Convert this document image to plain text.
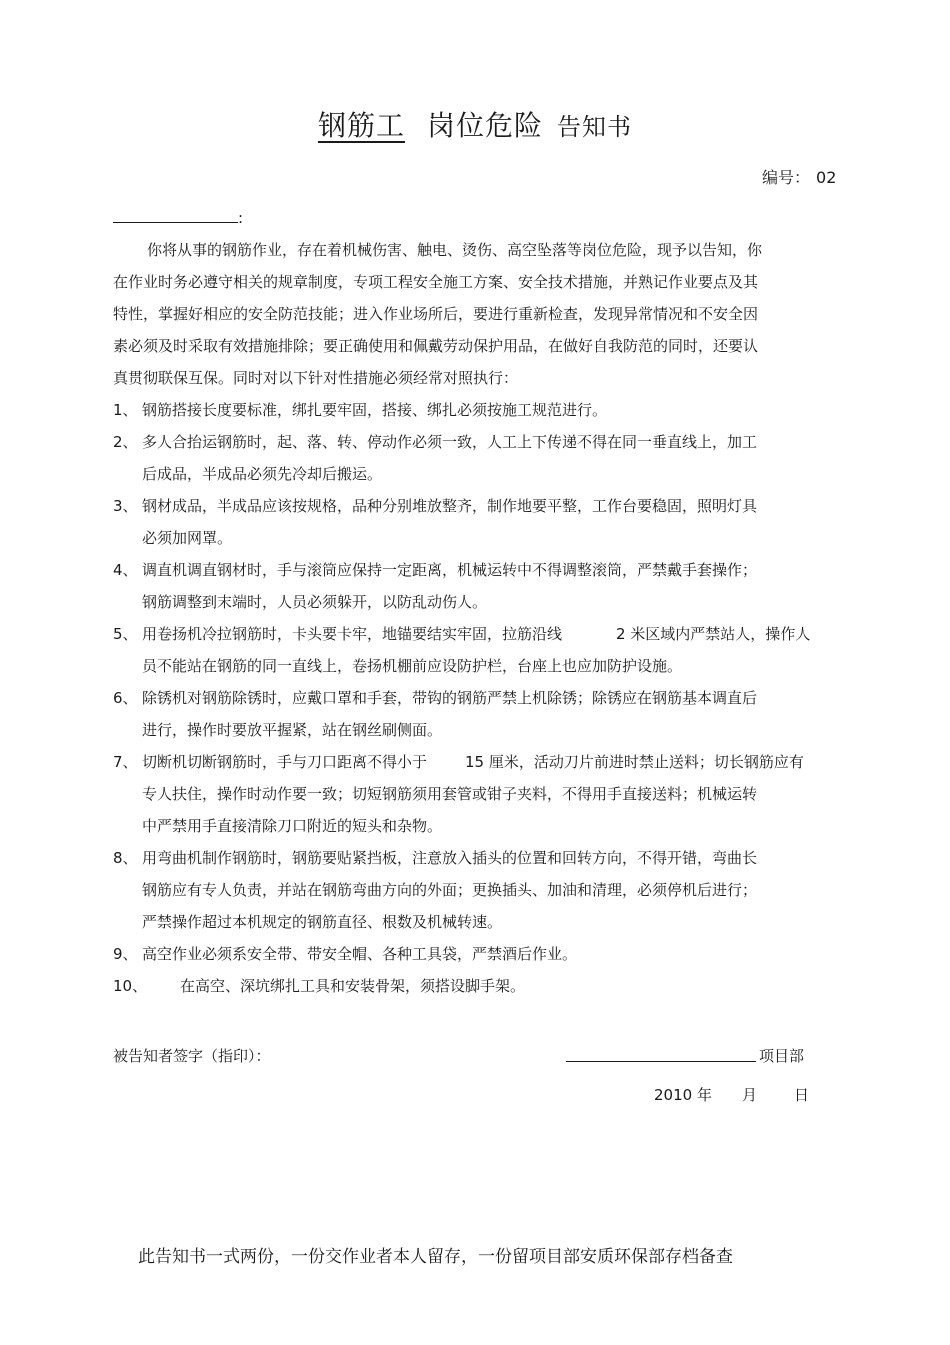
钢筋工 岗位危险 告知书
编号： 02
:
你将从事的钢筋作业，存在着机械伤害、触电、烫伤、高空坠落等岗位危险，现予以告知，你
在作业时务必遵守相关的规章制度，专项工程安全施工方案、安全技术措施，并熟记作业要点及其
特性，掌握好相应的安全防范技能；进入作业场所后，要进行重新检查，发现异常情况和不安全因
素必须及时采取有效措施排除；要正确使用和佩戴劳动保护用品，在做好自我防范的同时，还要认
真贯彻联保互保。同时对以下针对性措施必须经常对照执行：
1、 钢筋搭接长度要标准，绑扎要牢固，搭接、绑扎必须按施工规范进行。
2、 多人合抬运钢筋时，起、落、转、停动作必须一致，人工上下传递不得在同一垂直线上，加工
后成品，半成品必须先冷却后搬运。
3、 钢材成品，半成品应该按规格，品种分别堆放整齐，制作地要平整，工作台要稳固，照明灯具
必须加网罩。
4、 调直机调直钢材时，手与滚筒应保持一定距离，机械运转中不得调整滚筒，严禁戴手套操作；
钢筋调整到末端时，人员必须躲开，以防乱动伤人。
5、 用卷扬机冷拉钢筋时，卡头要卡牢，地锚要结实牢固，拉筋沿线	2 米区域内严禁站人，操作人
员不能站在钢筋的同一直线上，卷扬机棚前应设防护栏，台座上也应加防护设施。
6、 除锈机对钢筋除锈时，应戴口罩和手套，带钩的钢筋严禁上机除锈；除锈应在钢筋基本调直后
进行，操作时要放平握紧，站在钢丝刷侧面。
7、 切断机切断钢筋时，手与刀口距离不得小于	15 厘米，活动刀片前进时禁止送料；切长钢筋应有
专人扶住，操作时动作要一致；切短钢筋须用套管或钳子夹料，不得用手直接送料；机械运转
中严禁用手直接清除刀口附近的短头和杂物。
8、 用弯曲机制作钢筋时，钢筋要贴紧挡板，注意放入插头的位置和回转方向，不得开错，弯曲长
钢筋应有专人负责，并站在钢筋弯曲方向的外面；更换插头、加油和清理，必须停机后进行；
严禁操作超过本机规定的钢筋直径、根数及机械转速。
9、 高空作业必须系安全带、带安全帽、各种工具袋，严禁酒后作业。
10、 在高空、深坑绑扎工具和安装骨架，须搭设脚手架。
被告知者签字（指印）：	项目部
2010 年 月 日
此告知书一式两份，一份交作业者本人留存，一份留项目部安质环保部存档备查
